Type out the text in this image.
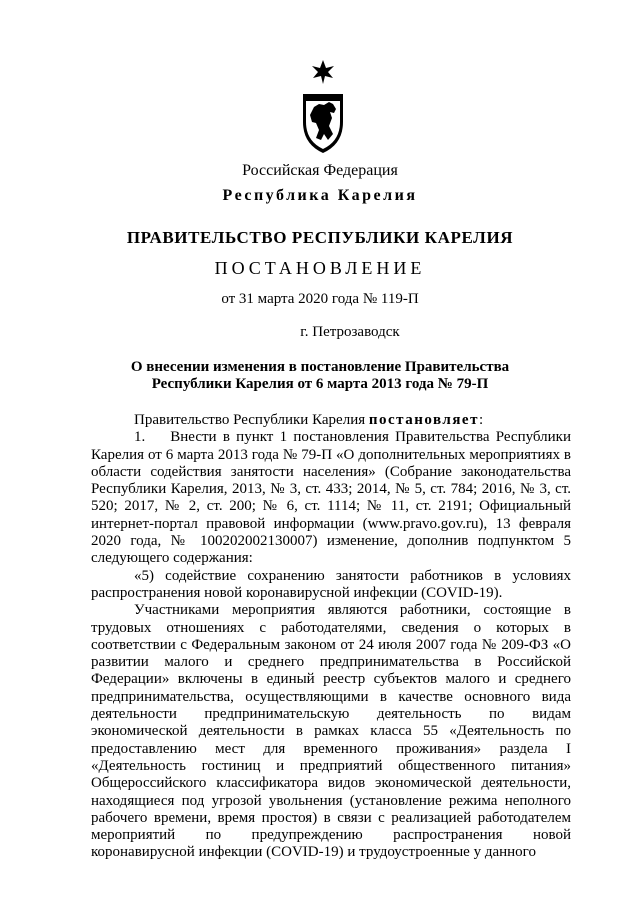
Российская Федерация
Республика Карелия
ПРАВИТЕЛЬСТВО РЕСПУБЛИКИ КАРЕЛИЯ
ПОСТАНОВЛЕНИЕ
от 31 марта 2020 года № 119-П
г. Петрозаводск
О внесении изменения в постановление Правительства
Республики Карелия от 6 марта 2013 года № 79-П

Правительство Республики Карелия постановляет:

1.    Внести в пункт 1 постановления Правительства Республики Карелия от 6 марта 2013 года № 79-П «О дополнительных мероприятиях в области содействия занятости населения» (Собрание законодательства Республики Карелия, 2013, № 3, ст. 433; 2014, № 5, ст. 784; 2016, № 3, ст. 520; 2017, № 2, ст. 200; № 6, ст. 1114; № 11, ст. 2191; Официальный интернет-портал правовой информации (www.pravo.gov.ru), 13 февраля 2020 года, № 100202002130007) изменение, дополнив подпунктом 5 следующего содержания:

«5) содействие сохранению занятости работников в условиях распространения новой коронавирусной инфекции (COVID-19).

Участниками мероприятия являются работники, состоящие в трудовых отношениях с работодателями, сведения о которых в соответствии с Федеральным законом от 24 июля 2007 года № 209-ФЗ «О развитии малого и среднего предпринимательства в Российской Федерации» включены в единый реестр субъектов малого и среднего предпринимательства, осуществляющими в качестве основного вида деятельности предпринимательскую деятельность по видам экономической деятельности в рамках класса 55 «Деятельность по предоставлению мест для временного проживания» раздела I «Деятельность гостиниц и предприятий общественного питания» Общероссийского классификатора видов экономической деятельности, находящиеся под угрозой увольнения (установление режима неполного рабочего времени, время простоя) в связи с реализацией работодателем мероприятий по предупреждению распространения новой коронавирусной инфекции (COVID-19) и трудоустроенные у данного
